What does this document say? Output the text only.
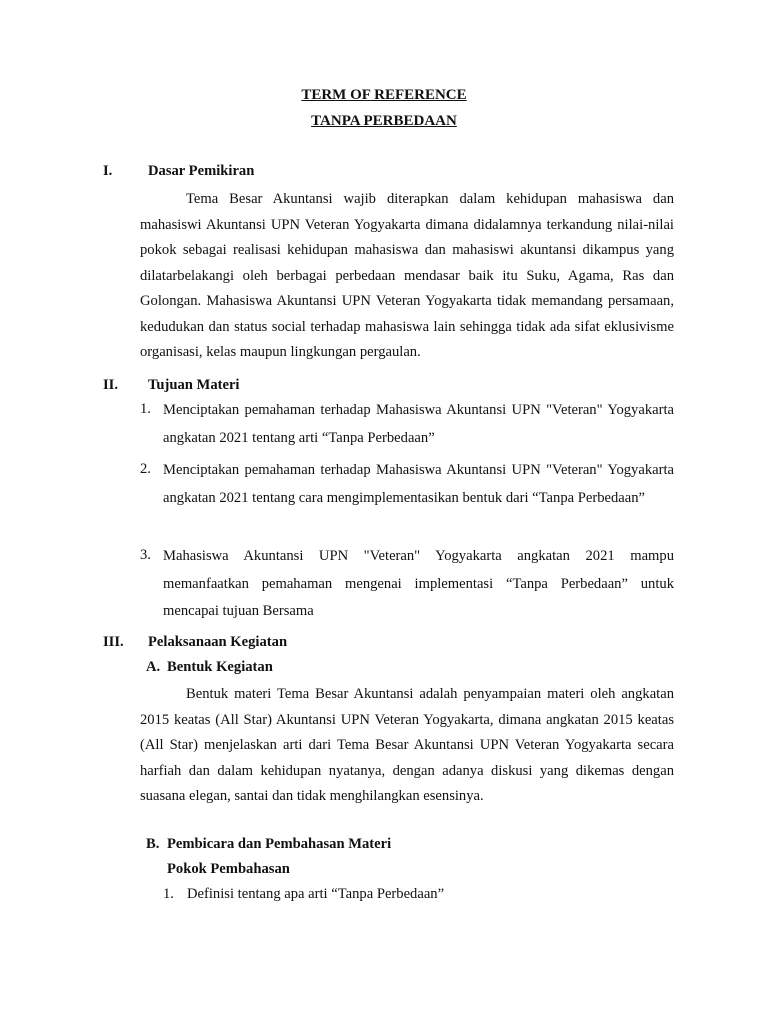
TERM OF REFERENCE
TANPA PERBEDAAN
I. Dasar Pemikiran

Tema Besar Akuntansi wajib diterapkan dalam kehidupan mahasiswa dan mahasiswi Akuntansi UPN Veteran Yogyakarta dimana didalamnya terkandung nilai-nilai pokok sebagai realisasi kehidupan mahasiswa dan mahasiswi akuntansi dikampus yang dilatarbelakangi oleh berbagai perbedaan mendasar baik itu Suku, Agama, Ras dan Golongan. Mahasiswa Akuntansi UPN Veteran Yogyakarta tidak memandang persamaan, kedudukan dan status social terhadap mahasiswa lain sehingga tidak ada sifat eklusivisme organisasi, kelas maupun lingkungan pergaulan.

II. Tujuan Materi
1. Menciptakan pemahaman terhadap Mahasiswa Akuntansi UPN "Veteran" Yogyakarta angkatan 2021 tentang arti “Tanpa Perbedaan”

2. Menciptakan pemahaman terhadap Mahasiswa Akuntansi UPN "Veteran" Yogyakarta angkatan 2021 tentang cara mengimplementasikan bentuk dari “Tanpa Perbedaan”

3. Mahasiswa Akuntansi UPN "Veteran" Yogyakarta angkatan 2021 mampu memanfaatkan pemahaman mengenai implementasi “Tanpa Perbedaan” untuk mencapai tujuan Bersama

III. Pelaksanaan Kegiatan
A. Bentuk Kegiatan

Bentuk materi Tema Besar Akuntansi adalah penyampaian materi oleh angkatan 2015 keatas (All Star) Akuntansi UPN Veteran Yogyakarta, dimana angkatan 2015 keatas (All Star) menjelaskan arti dari Tema Besar Akuntansi UPN Veteran Yogyakarta secara harfiah dan dalam kehidupan nyatanya, dengan adanya diskusi yang dikemas dengan suasana elegan, santai dan tidak menghilangkan esensinya.

B. Pembicara dan Pembahasan Materi
Pokok Pembahasan
1. Definisi tentang apa arti “Tanpa Perbedaan”
